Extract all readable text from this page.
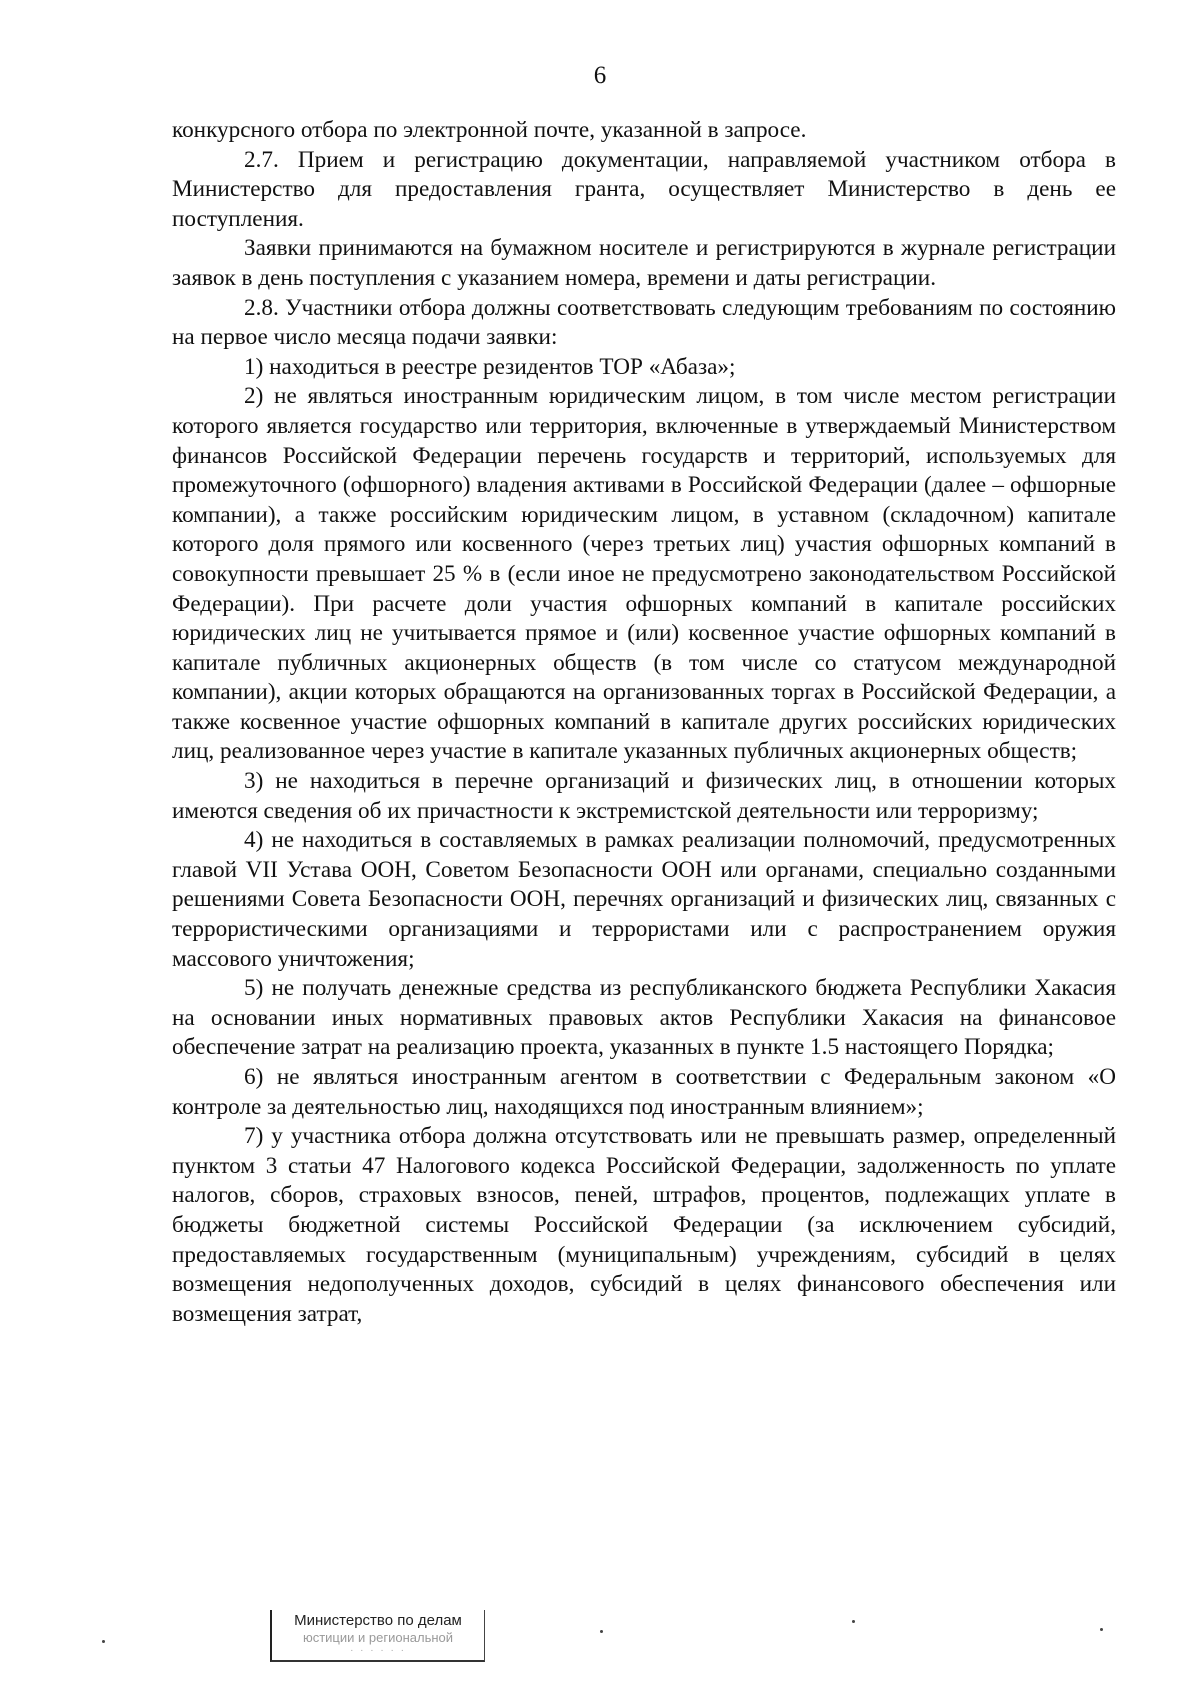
6

конкурсного отбора по электронной почте, указанной в запросе.

2.7. Прием и регистрацию документации, направляемой участником отбора в Министерство для предоставления гранта, осуществляет Министерство в день ее поступления.

Заявки принимаются на бумажном носителе и регистрируются в журнале регистрации заявок в день поступления с указанием номера, времени и даты регистрации.

2.8. Участники отбора должны соответствовать следующим требованиям по состоянию на первое число месяца подачи заявки:

1) находиться в реестре резидентов ТОР «Абаза»;

2) не являться иностранным юридическим лицом, в том числе местом регистрации которого является государство или территория, включенные в утверждаемый Министерством финансов Российской Федерации перечень государств и территорий, используемых для промежуточного (офшорного) владения активами в Российской Федерации (далее – офшорные компании), а также российским юридическим лицом, в уставном (складочном) капитале которого доля прямого или косвенного (через третьих лиц) участия офшорных компаний в совокупности превышает 25 % в (если иное не предусмотрено законодательством Российской Федерации). При расчете доли участия офшорных компаний в капитале российских юридических лиц не учитывается прямое и (или) косвенное участие офшорных компаний в капитале публичных акционерных обществ (в том числе со статусом международной компании), акции которых обращаются на организованных торгах в Российской Федерации, а также косвенное участие офшорных компаний в капитале других российских юридических лиц, реализованное через участие в капитале указанных публичных акционерных обществ;

3) не находиться в перечне организаций и физических лиц, в отношении которых имеются сведения об их причастности к экстремистской деятельности или терроризму;

4) не находиться в составляемых в рамках реализации полномочий, предусмотренных главой VII Устава ООН, Советом Безопасности ООН или органами, специально созданными решениями Совета Безопасности ООН, перечнях организаций и физических лиц, связанных с террористическими организациями и террористами или с распространением оружия массового уничтожения;

5) не получать денежные средства из республиканского бюджета Республики Хакасия на основании иных нормативных правовых актов Республики Хакасия на финансовое обеспечение затрат на реализацию проекта, указанных в пункте 1.5 настоящего Порядка;

6) не являться иностранным агентом в соответствии с Федеральным законом «О контроле за деятельностью лиц, находящихся под иностранным влиянием»;

7) у участника отбора должна отсутствовать или не превышать размер, определенный пунктом 3 статьи 47 Налогового кодекса Российской Федерации, задолженность по уплате налогов, сборов, страховых взносов, пеней, штрафов, процентов, подлежащих уплате в бюджеты бюджетной системы Российской Федерации (за исключением субсидий, предоставляемых государственным (муниципальным) учреждениям, субсидий в целях возмещения недополученных доходов, субсидий в целях финансового обеспечения или возмещения затрат,

Министерство по делам
юстиции и региональной
· · · · · ·
